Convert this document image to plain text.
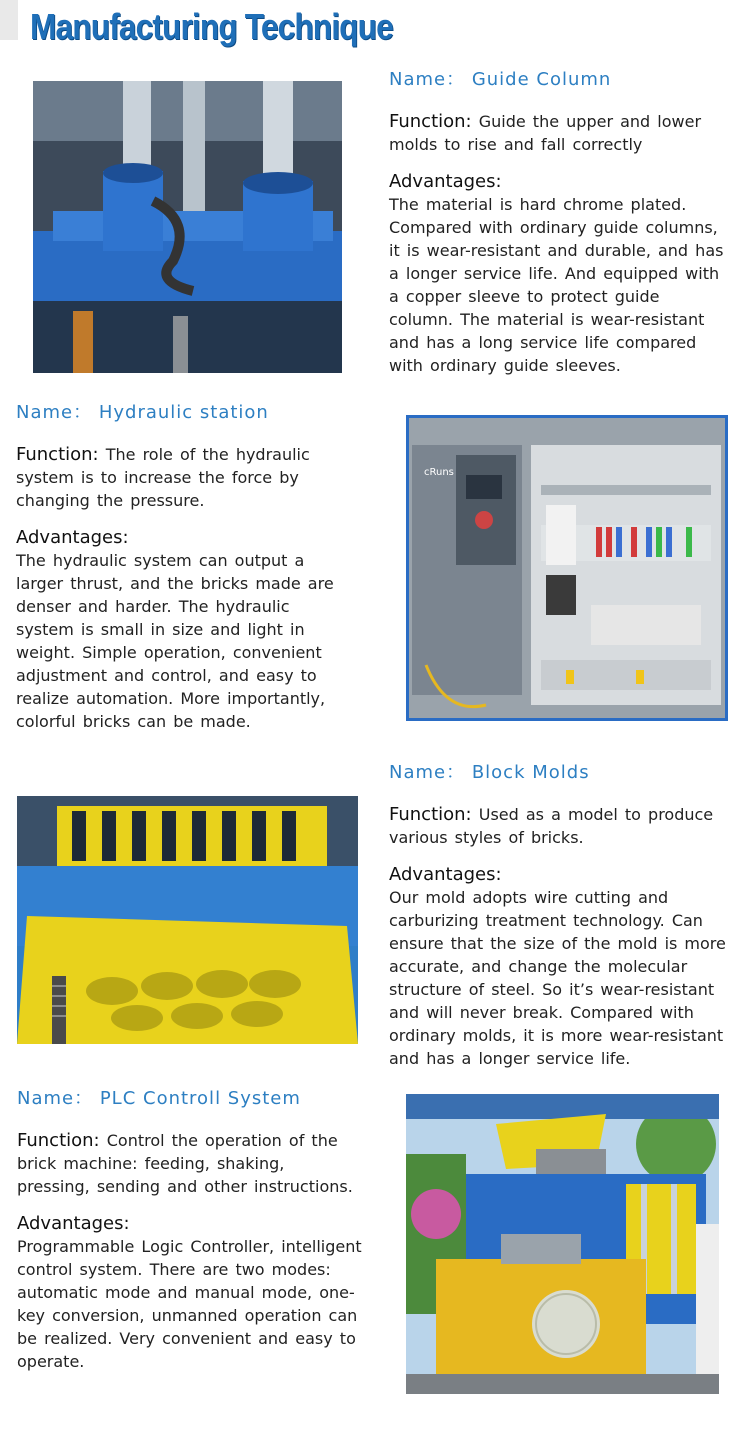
Manufacturing Technique
Name： Guide Column

Function: Guide the upper and lower molds to rise and fall correctly

Advantages:
The material is hard chrome plated. Compared with ordinary guide columns, it is wear-resistant and durable, and has a longer service life. And equipped with a copper sleeve to protect guide column. The material is wear-resistant and has a long service life compared with ordinary guide sleeves.

Name： Hydraulic station

Function: The role of the hydraulic system is to increase the force by changing the pressure.

Advantages:
The hydraulic system can output a larger thrust, and the bricks made are denser and harder. The hydraulic system is small in size and light in weight. Simple operation, convenient adjustment and control, and easy to realize automation. More importantly, colorful bricks can be made.

cRuns
Name： Block Molds

Function: Used as a model to produce various styles of bricks.

Advantages:
Our mold adopts wire cutting and carburizing treatment technology. Can ensure that the size of the mold is more accurate, and change the molecular structure of steel. So it’s wear-resistant and will never break. Compared with ordinary molds, it is more wear-resistant and has a longer service life.

Name： PLC Controll System

Function: Control the operation of the brick machine: feeding, shaking, pressing, sending and other instructions.

Advantages:
Programmable Logic Controller, intelligent control system. There are two modes: automatic mode and manual mode, one-key conversion, unmanned operation can be realized. Very convenient and easy to operate.
